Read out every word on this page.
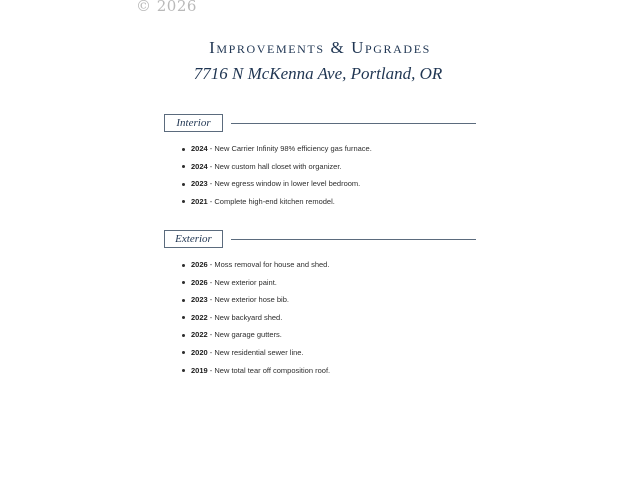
© 2026
Improvements & Upgrades
7716 N McKenna Ave, Portland, OR
Interior
2024 - New Carrier Infinity 98% efficiency gas furnace.
2024 - New custom hall closet with organizer.
2023 - New egress window in lower level bedroom.
2021 - Complete high-end kitchen remodel.
Exterior
2026 - Moss removal for house and shed.
2026 - New exterior paint.
2023 - New exterior hose bib.
2022 - New backyard shed.
2022 - New garage gutters.
2020 - New residential sewer line.
2019 - New total tear off composition roof.
